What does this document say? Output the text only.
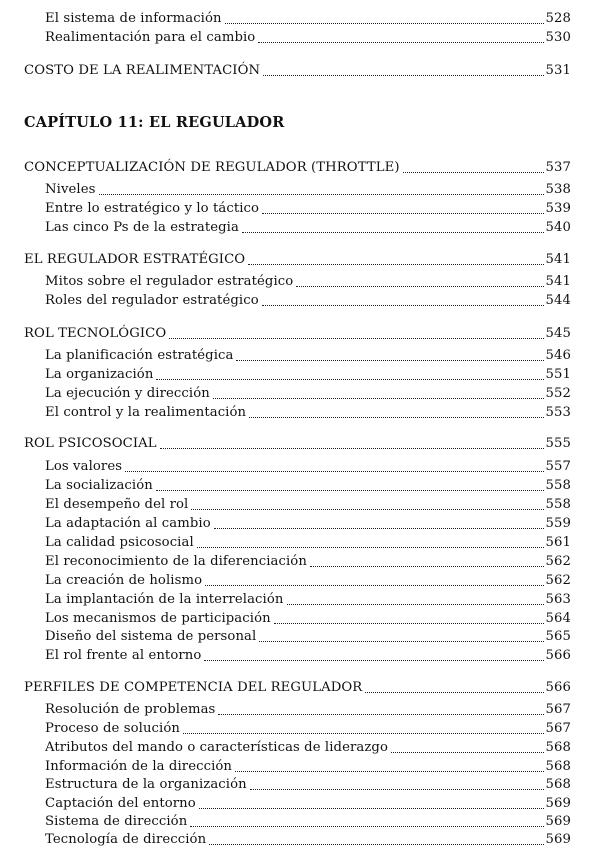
El sistema de información	528
Realimentación para el cambio	530
COSTO DE LA REALIMENTACIÓN	531
CAPÍTULO 11: EL REGULADOR
CONCEPTUALIZACIÓN DE REGULADOR (THROTTLE)	537
Niveles	538
Entre lo estratégico y lo táctico	539
Las cinco Ps de la estrategia	540
EL REGULADOR ESTRATÉGICO	541
Mitos sobre el regulador estratégico	541
Roles del regulador estratégico	544
ROL TECNOLÓGICO	545
La planificación estratégica	546
La organización	551
La ejecución y dirección	552
El control y la realimentación	553
ROL PSICOSOCIAL	555
Los valores	557
La socialización	558
El desempeño del rol	558
La adaptación al cambio	559
La calidad psicosocial	561
El reconocimiento de la diferenciación	562
La creación de holismo	562
La implantación de la interrelación	563
Los mecanismos de participación	564
Diseño del sistema de personal	565
El rol frente al entorno	566
PERFILES DE COMPETENCIA DEL REGULADOR	566
Resolución de problemas	567
Proceso de solución	567
Atributos del mando o características de liderazgo	568
Información de la dirección	568
Estructura de la organización	568
Captación del entorno	569
Sistema de dirección	569
Tecnología de dirección	569
